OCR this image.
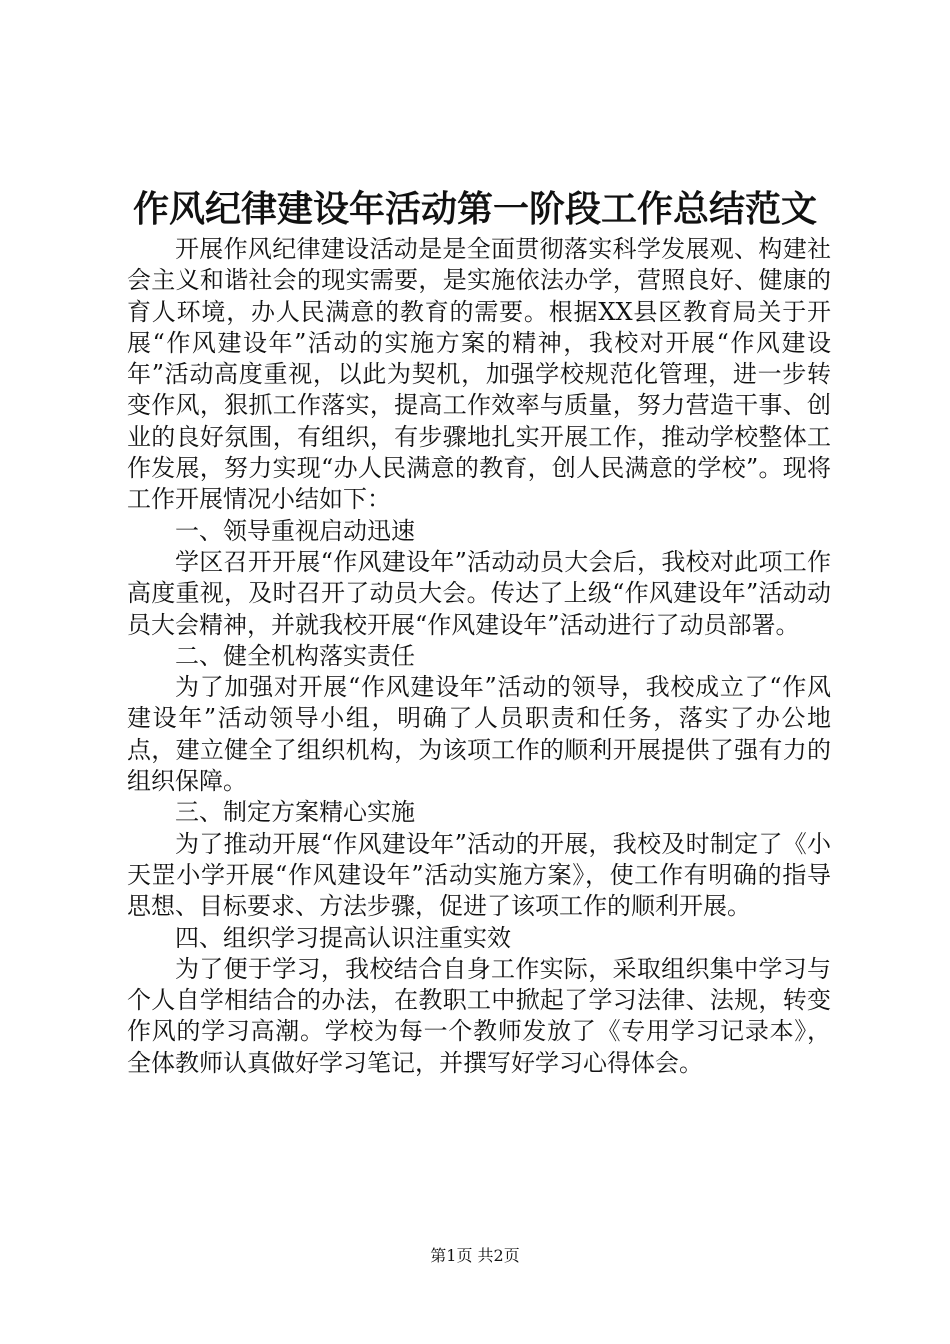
作风纪律建设年活动第一阶段工作总结范文

开展作风纪律建设活动是是全面贯彻落实科学发展观、构建社会主义和谐社会的现实需要，是实施依法办学，营照良好、健康的育人环境，办人民满意的教育的需要。根据XX县区教育局关于开展“作风建设年”活动的实施方案的精神，我校对开展“作风建设年”活动高度重视，以此为契机，加强学校规范化管理，进一步转变作风，狠抓工作落实，提高工作效率与质量，努力营造干事、创业的良好氛围，有组织，有步骤地扎实开展工作，推动学校整体工作发展，努力实现“办人民满意的教育，创人民满意的学校”。现将工作开展情况小结如下：

一、领导重视启动迅速

学区召开开展“作风建设年”活动动员大会后，我校对此项工作高度重视，及时召开了动员大会。传达了上级“作风建设年”活动动员大会精神，并就我校开展“作风建设年”活动进行了动员部署。

二、健全机构落实责任

为了加强对开展“作风建设年”活动的领导，我校成立了“作风建设年”活动领导小组，明确了人员职责和任务，落实了办公地点，建立健全了组织机构，为该项工作的顺利开展提供了强有力的组织保障。

三、制定方案精心实施

为了推动开展“作风建设年”活动的开展，我校及时制定了《小天罡小学开展“作风建设年”活动实施方案》，使工作有明确的指导思想、目标要求、方法步骤，促进了该项工作的顺利开展。

四、组织学习提高认识注重实效

为了便于学习，我校结合自身工作实际，采取组织集中学习与个人自学相结合的办法，在教职工中掀起了学习法律、法规，转变作风的学习高潮。学校为每一个教师发放了《专用学习记录本》，全体教师认真做好学习笔记，并撰写好学习心得体会。

第1页 共2页
